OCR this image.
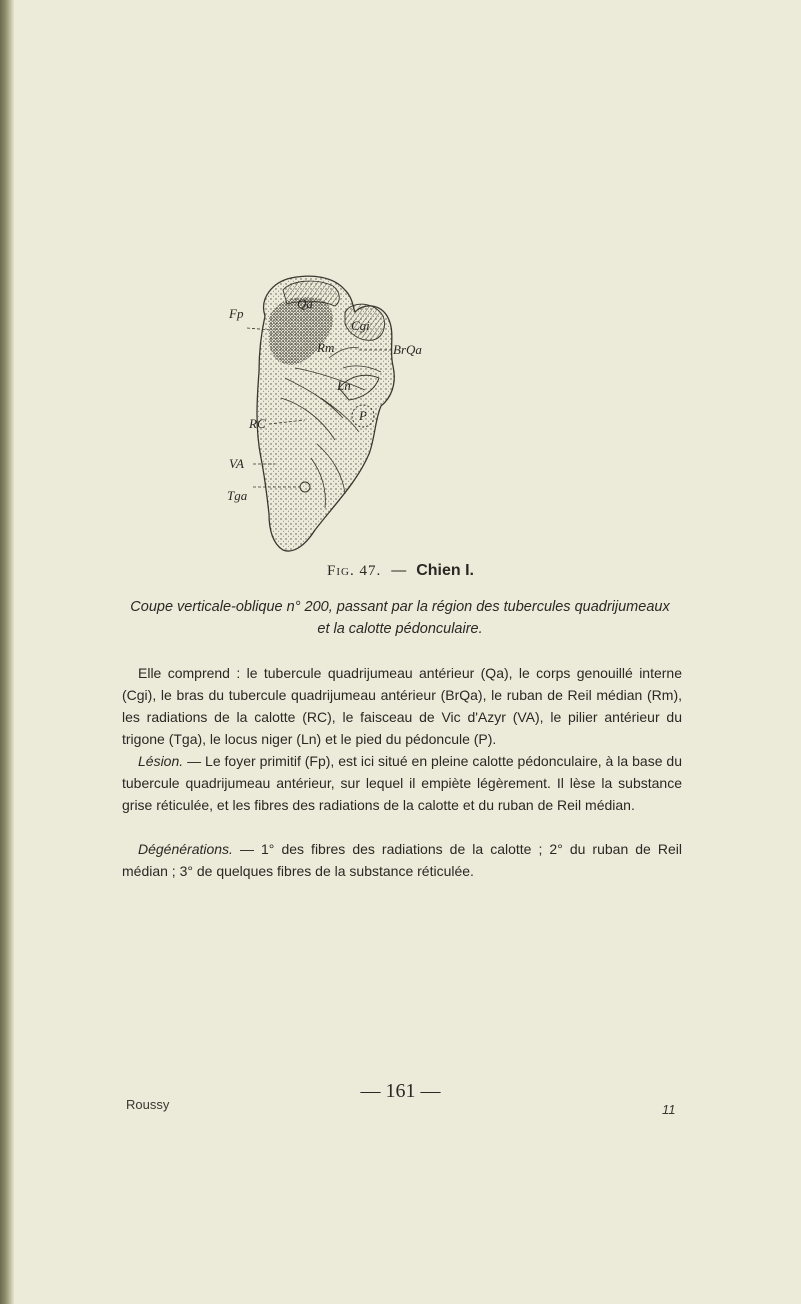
Qa
Cgi
Fp
BrQa
Rm
RC
Ln
P
VA
Tga
Fig. 47. — Chien I.
Coupe verticale-oblique n° 200, passant par la région des tubercules quadrijumeaux
et la calotte pédonculaire.
Elle comprend : le tubercule quadrijumeau antérieur (Qa), le corps genouillé interne (Cgi), le bras du tubercule quadrijumeau antérieur (BrQa), le ruban de Reil médian (Rm), les radiations de la calotte (RC), le faisceau de Vic d'Azyr (VA), le pilier antérieur du trigone (Tga), le locus niger (Ln) et le pied du pédoncule (P).
Lésion. — Le foyer primitif (Fp), est ici situé en pleine calotte pédonculaire, à la base du tubercule quadrijumeau antérieur, sur lequel il empiète légèrement. Il lèse la substance grise réticulée, et les fibres des radiations de la calotte et du ruban de Reil médian.
Dégénérations. — 1° des fibres des radiations de la calotte ; 2° du ruban de Reil médian ; 3° de quelques fibres de la substance réticulée.
— 161 —
Roussy	11
